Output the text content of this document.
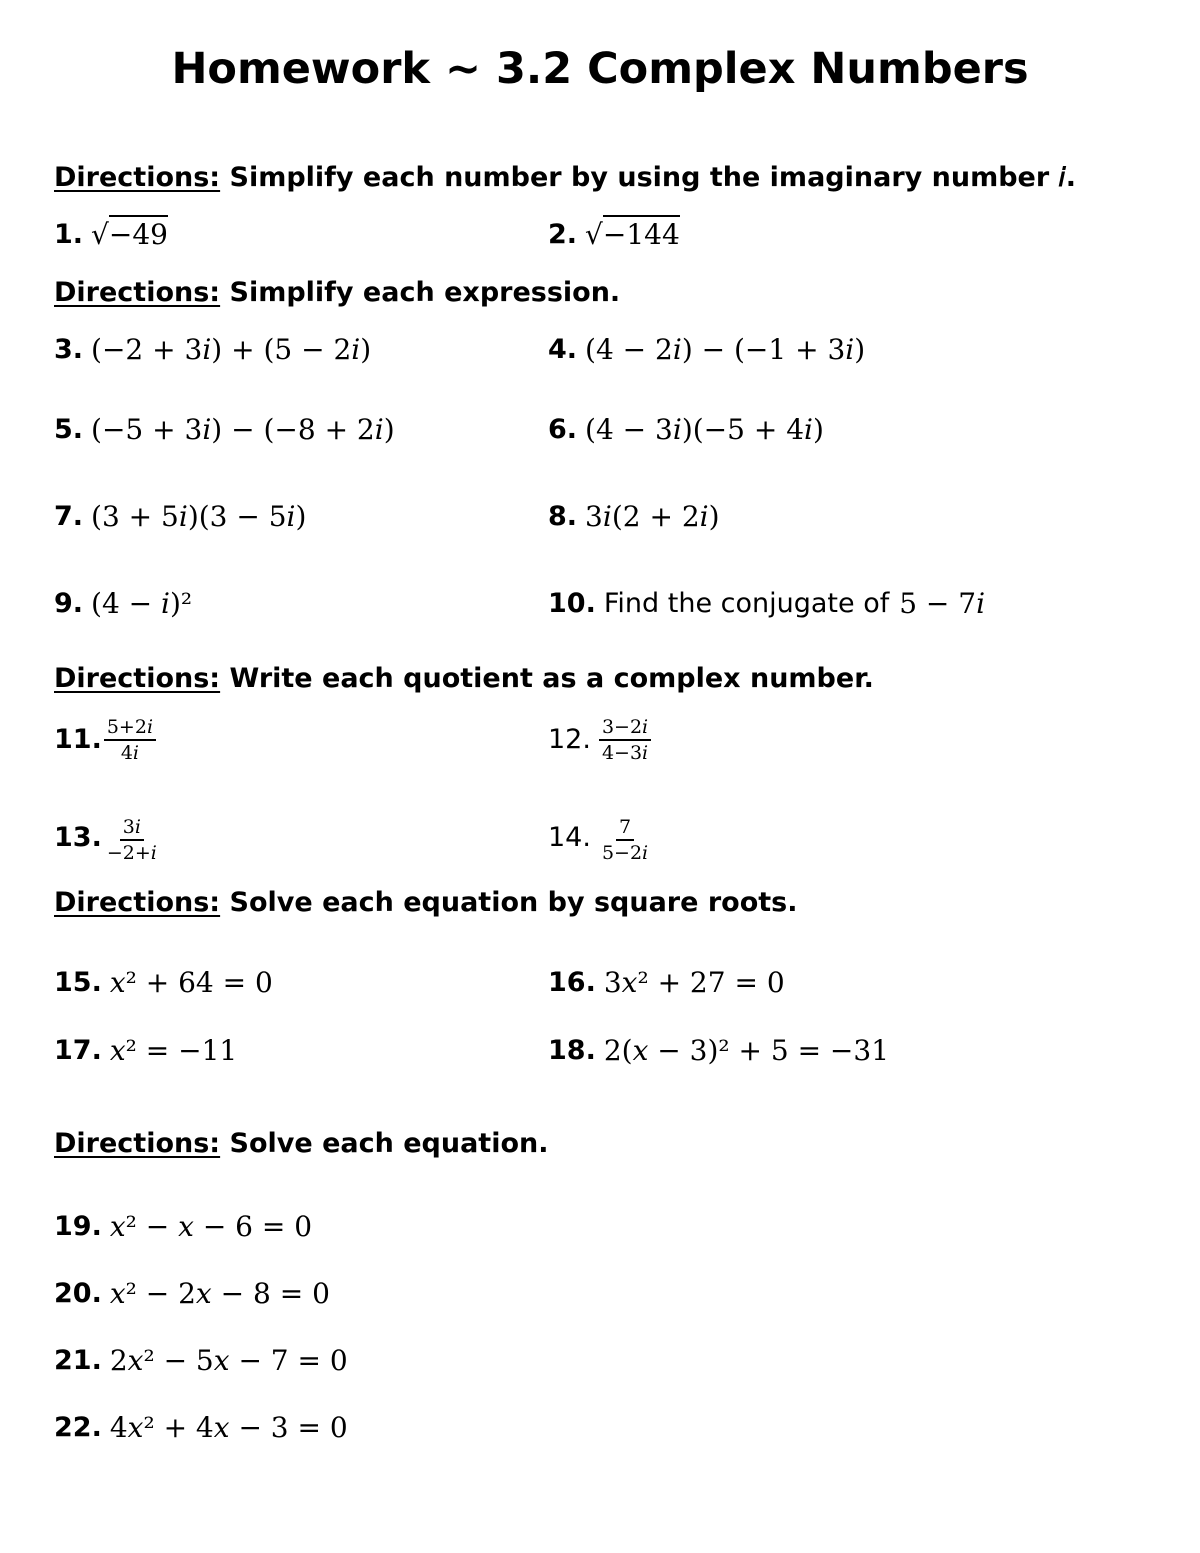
Homework ~ 3.2 Complex Numbers
Directions: Simplify each number by using the imaginary number 𝑖.
1. √−49	2. √−144
Directions: Simplify each expression.
3. (−2 + 3𝑖) + (5 − 2𝑖)	4. (4 − 2𝑖) − (−1 + 3𝑖)
5. (−5 + 3𝑖) − (−8 + 2𝑖)	6. (4 − 3𝑖)(−5 + 4𝑖)
7. (3 + 5𝑖)(3 − 5𝑖)	8. 3𝑖(2 + 2𝑖)
9. (4 − 𝑖)²	10. Find the conjugate of 5 − 7𝑖
Directions: Write each quotient as a complex number.
11. $\frac{\text{5+2𝑖}}{\text{4𝑖}}$	12. $\frac{\text{3−2𝑖}}{\text{4−3𝑖}}$
13. $\frac{\text{3𝑖}}{\text{−2+𝑖}}$	14. $\frac{7}{\text{5−2𝑖}}$
Directions: Solve each equation by square roots.
15. 𝑥² + 64 = 0	16. 3𝑥² + 27 = 0
17. 𝑥² = −11	18. 2(𝑥 − 3)² + 5 = −31
Directions: Solve each equation.
19. 𝑥² − 𝑥 − 6 = 0
20. 𝑥² − 2𝑥 − 8 = 0
21. 2𝑥² − 5𝑥 − 7 = 0
22. 4𝑥² + 4𝑥 − 3 = 0
